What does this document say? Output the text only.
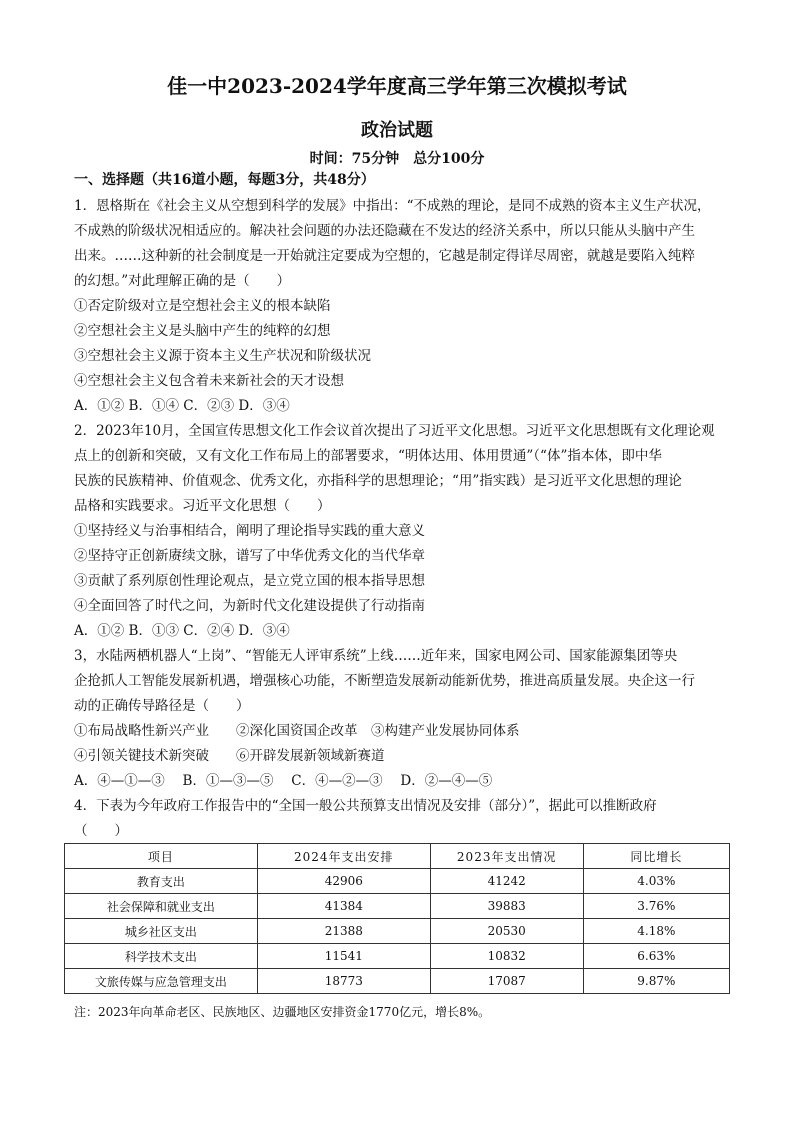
佳一中2023-2024学年度高三学年第三次模拟考试
政治试题
时间：75分钟　总分100分
一、选择题（共16道小题，每题3分，共48分）
1．恩格斯在《社会主义从空想到科学的发展》中指出：“不成熟的理论，是同不成熟的资本主义生产状况，
不成熟的阶级状况相适应的。解决社会问题的办法还隐藏在不发达的经济关系中，所以只能从头脑中产生
出来。……这种新的社会制度是一开始就注定要成为空想的，它越是制定得详尽周密，就越是要陷入纯粹
的幻想。”对此理解正确的是（　　）
①否定阶级对立是空想社会主义的根本缺陷
②空想社会主义是头脑中产生的纯粹的幻想
③空想社会主义源于资本主义生产状况和阶级状况
④空想社会主义包含着未来新社会的天才设想
A．①② B．①④ C．②③ D．③④
2．2023年10月，全国宣传思想文化工作会议首次提出了习近平文化思想。习近平文化思想既有文化理论观
点上的创新和突破，又有文化工作布局上的部署要求，“明体达用、体用贯通”（“体”指本体，即中华
民族的民族精神、价值观念、优秀文化，亦指科学的思想理论；“用”指实践）是习近平文化思想的理论
品格和实践要求。习近平文化思想（　　）
①坚持经义与治事相结合，阐明了理论指导实践的重大意义
②坚持守正创新赓续文脉，谱写了中华优秀文化的当代华章
③贡献了系列原创性理论观点，是立党立国的根本指导思想
④全面回答了时代之问，为新时代文化建设提供了行动指南
A．①② B．①③ C．②④ D．③④
3，水陆两栖机器人“上岗”、“智能无人评审系统”上线……近年来，国家电网公司、国家能源集团等央
企抢抓人工智能发展新机遇，增强核心功能，不断塑造发展新动能新优势，推进高质量发展。央企这一行
动的正确传导路径是（　　）
①布局战略性新兴产业　　②深化国资国企改革　③构建产业发展协同体系
④引领关键技术新突破　　⑥开辟发展新领域新赛道
A．④—①—③　 B．①—③—⑤　 C．④—②—③　 D．②—④—⑤
4．下表为今年政府工作报告中的“全国一般公共预算支出情况及安排（部分）”，据此可以推断政府
（　　）
项目	2024年支出安排	2023年支出情况	同比增长
教育支出	42906	41242	4.03%
社会保障和就业支出	41384	39883	3.76%
城乡社区支出	21388	20530	4.18%
科学技术支出	11541	10832	6.63%
文旅传媒与应急管理支出	18773	17087	9.87%
注：2023年向革命老区、民族地区、边疆地区安排资金1770亿元，增长8%。
